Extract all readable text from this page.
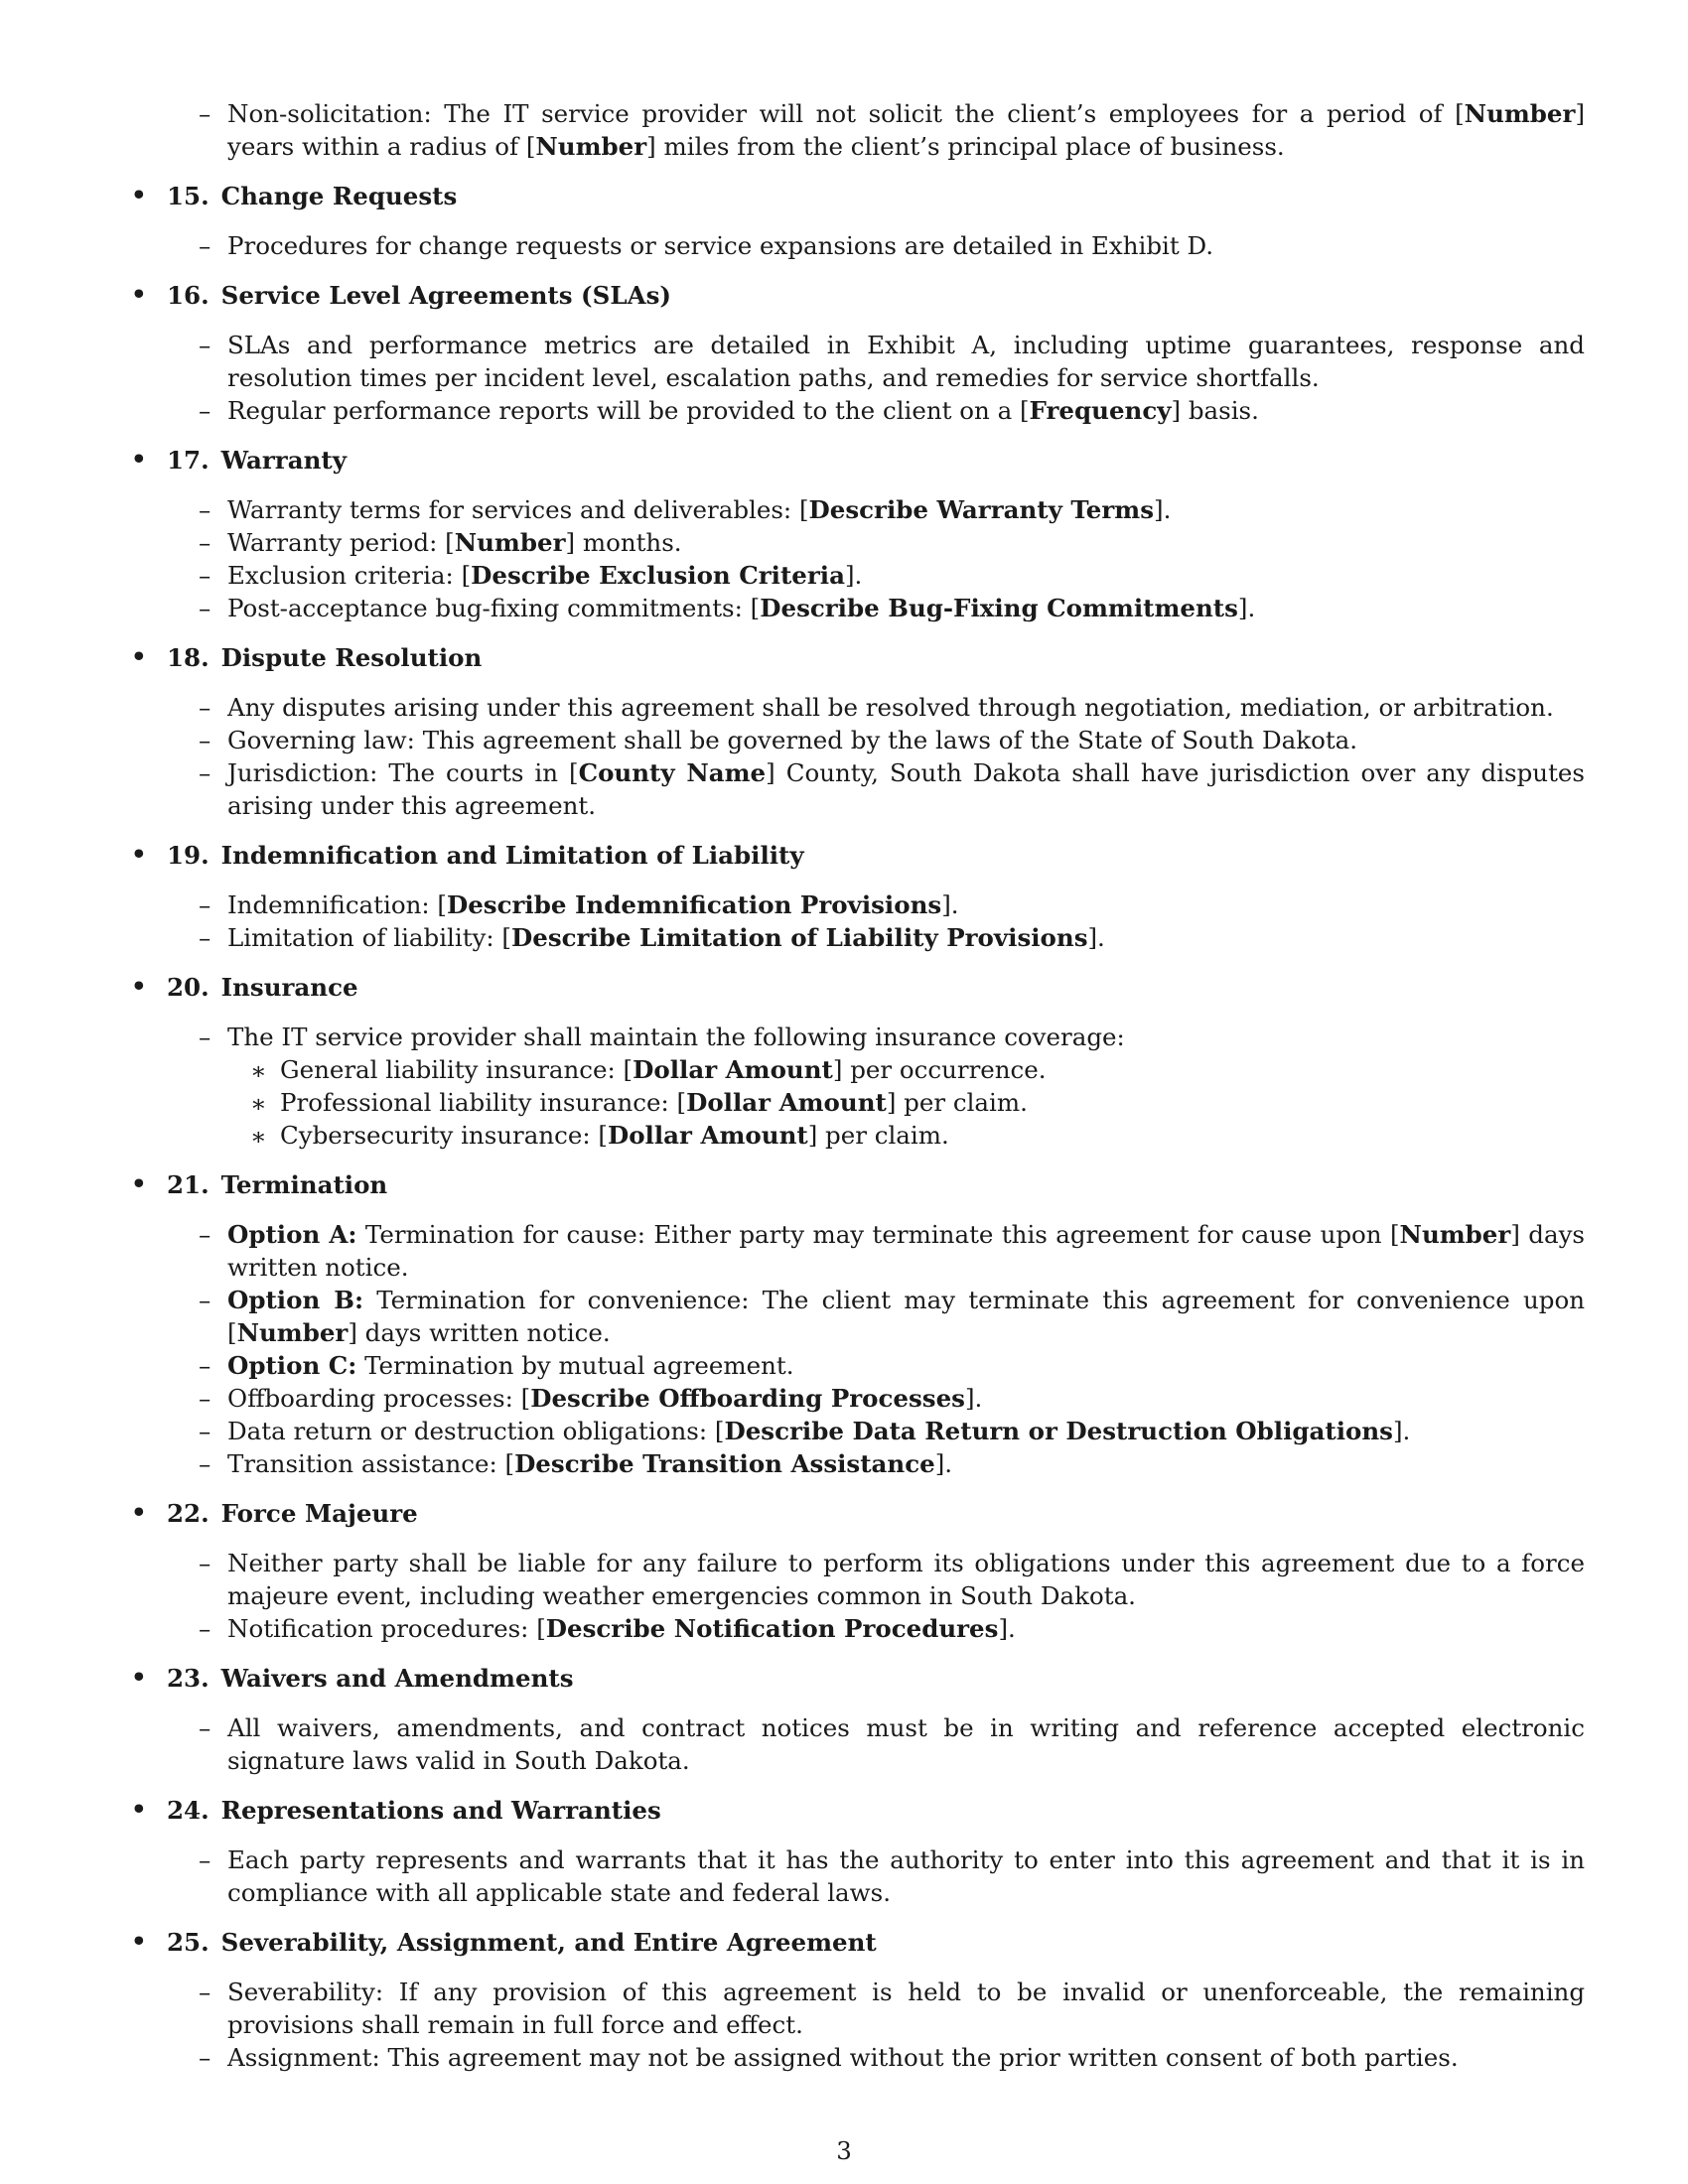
– Non-solicitation: The IT service provider will not solicit the client’s employees for a period of [Number] years within a radius of [Number] miles from the client’s principal place of business.
• 15. Change Requests
– Procedures for change requests or service expansions are detailed in Exhibit D.
• 16. Service Level Agreements (SLAs)
– SLAs and performance metrics are detailed in Exhibit A, including uptime guarantees, response and resolution times per incident level, escalation paths, and remedies for service shortfalls.
– Regular performance reports will be provided to the client on a [Frequency] basis.
• 17. Warranty
– Warranty terms for services and deliverables: [Describe Warranty Terms].
– Warranty period: [Number] months.
– Exclusion criteria: [Describe Exclusion Criteria].
– Post-acceptance bug-fixing commitments: [Describe Bug-Fixing Commitments].
• 18. Dispute Resolution
– Any disputes arising under this agreement shall be resolved through negotiation, mediation, or arbitration.
– Governing law: This agreement shall be governed by the laws of the State of South Dakota.
– Jurisdiction: The courts in [County Name] County, South Dakota shall have jurisdiction over any disputes arising under this agreement.
• 19. Indemnification and Limitation of Liability
– Indemnification: [Describe Indemnification Provisions].
– Limitation of liability: [Describe Limitation of Liability Provisions].
• 20. Insurance
– The IT service provider shall maintain the following insurance coverage:
∗ General liability insurance: [Dollar Amount] per occurrence.
∗ Professional liability insurance: [Dollar Amount] per claim.
∗ Cybersecurity insurance: [Dollar Amount] per claim.
• 21. Termination
– Option A: Termination for cause: Either party may terminate this agreement for cause upon [Number] days written notice.
– Option B: Termination for convenience: The client may terminate this agreement for convenience upon [Number] days written notice.
– Option C: Termination by mutual agreement.
– Offboarding processes: [Describe Offboarding Processes].
– Data return or destruction obligations: [Describe Data Return or Destruction Obligations].
– Transition assistance: [Describe Transition Assistance].
• 22. Force Majeure
– Neither party shall be liable for any failure to perform its obligations under this agreement due to a force majeure event, including weather emergencies common in South Dakota.
– Notification procedures: [Describe Notification Procedures].
• 23. Waivers and Amendments
– All waivers, amendments, and contract notices must be in writing and reference accepted electronic signature laws valid in South Dakota.
• 24. Representations and Warranties
– Each party represents and warrants that it has the authority to enter into this agreement and that it is in compliance with all applicable state and federal laws.
• 25. Severability, Assignment, and Entire Agreement
– Severability: If any provision of this agreement is held to be invalid or unenforceable, the remaining provisions shall remain in full force and effect.
– Assignment: This agreement may not be assigned without the prior written consent of both parties.
3
